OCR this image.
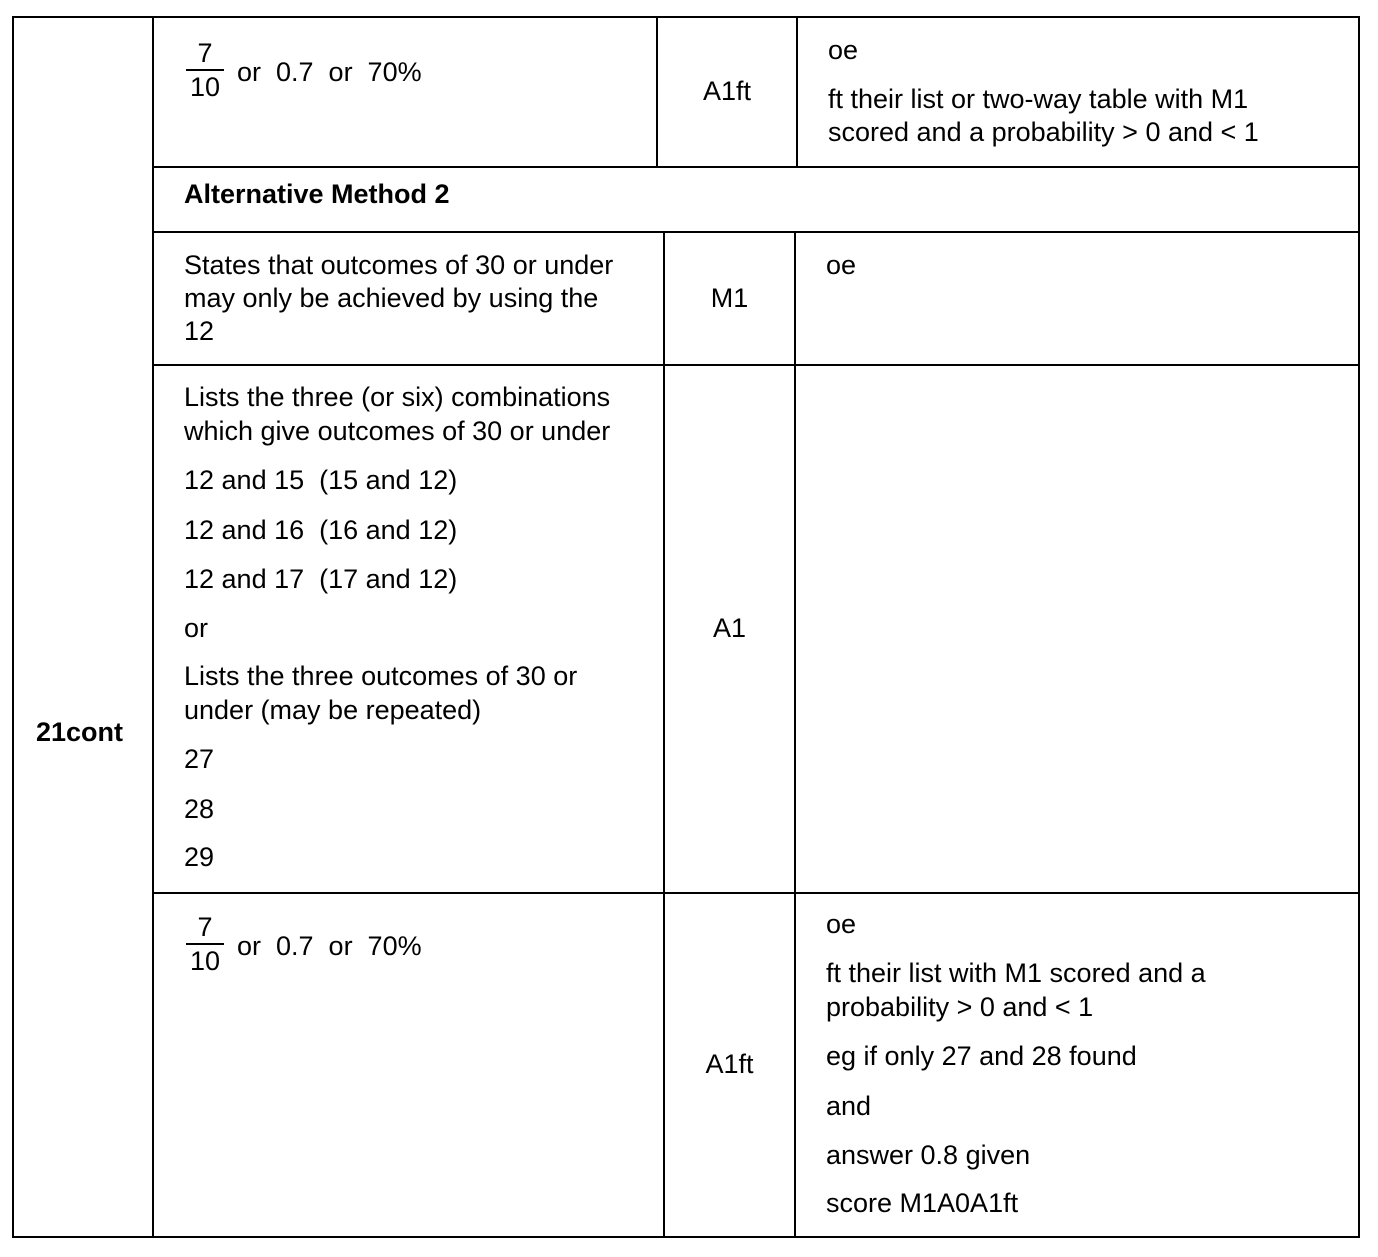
21cont
7
10 or  0.7  or  70%
A1ft
oe
ft their list or two-way table with M1
scored and a probability > 0 and < 1
Alternative Method 2
States that outcomes of 30 or under
may only be achieved by using the
12
M1
oe
Lists the three (or six) combinations
which give outcomes of 30 or under
12 and 15  (15 and 12)
12 and 16  (16 and 12)
12 and 17  (17 and 12)
or
Lists the three outcomes of 30 or
under (may be repeated)
27
28
29
A1
7
10 or  0.7  or  70%
A1ft
oe
ft their list with M1 scored and a
probability > 0 and < 1
eg if only 27 and 28 found
and
answer 0.8 given
score M1A0A1ft
